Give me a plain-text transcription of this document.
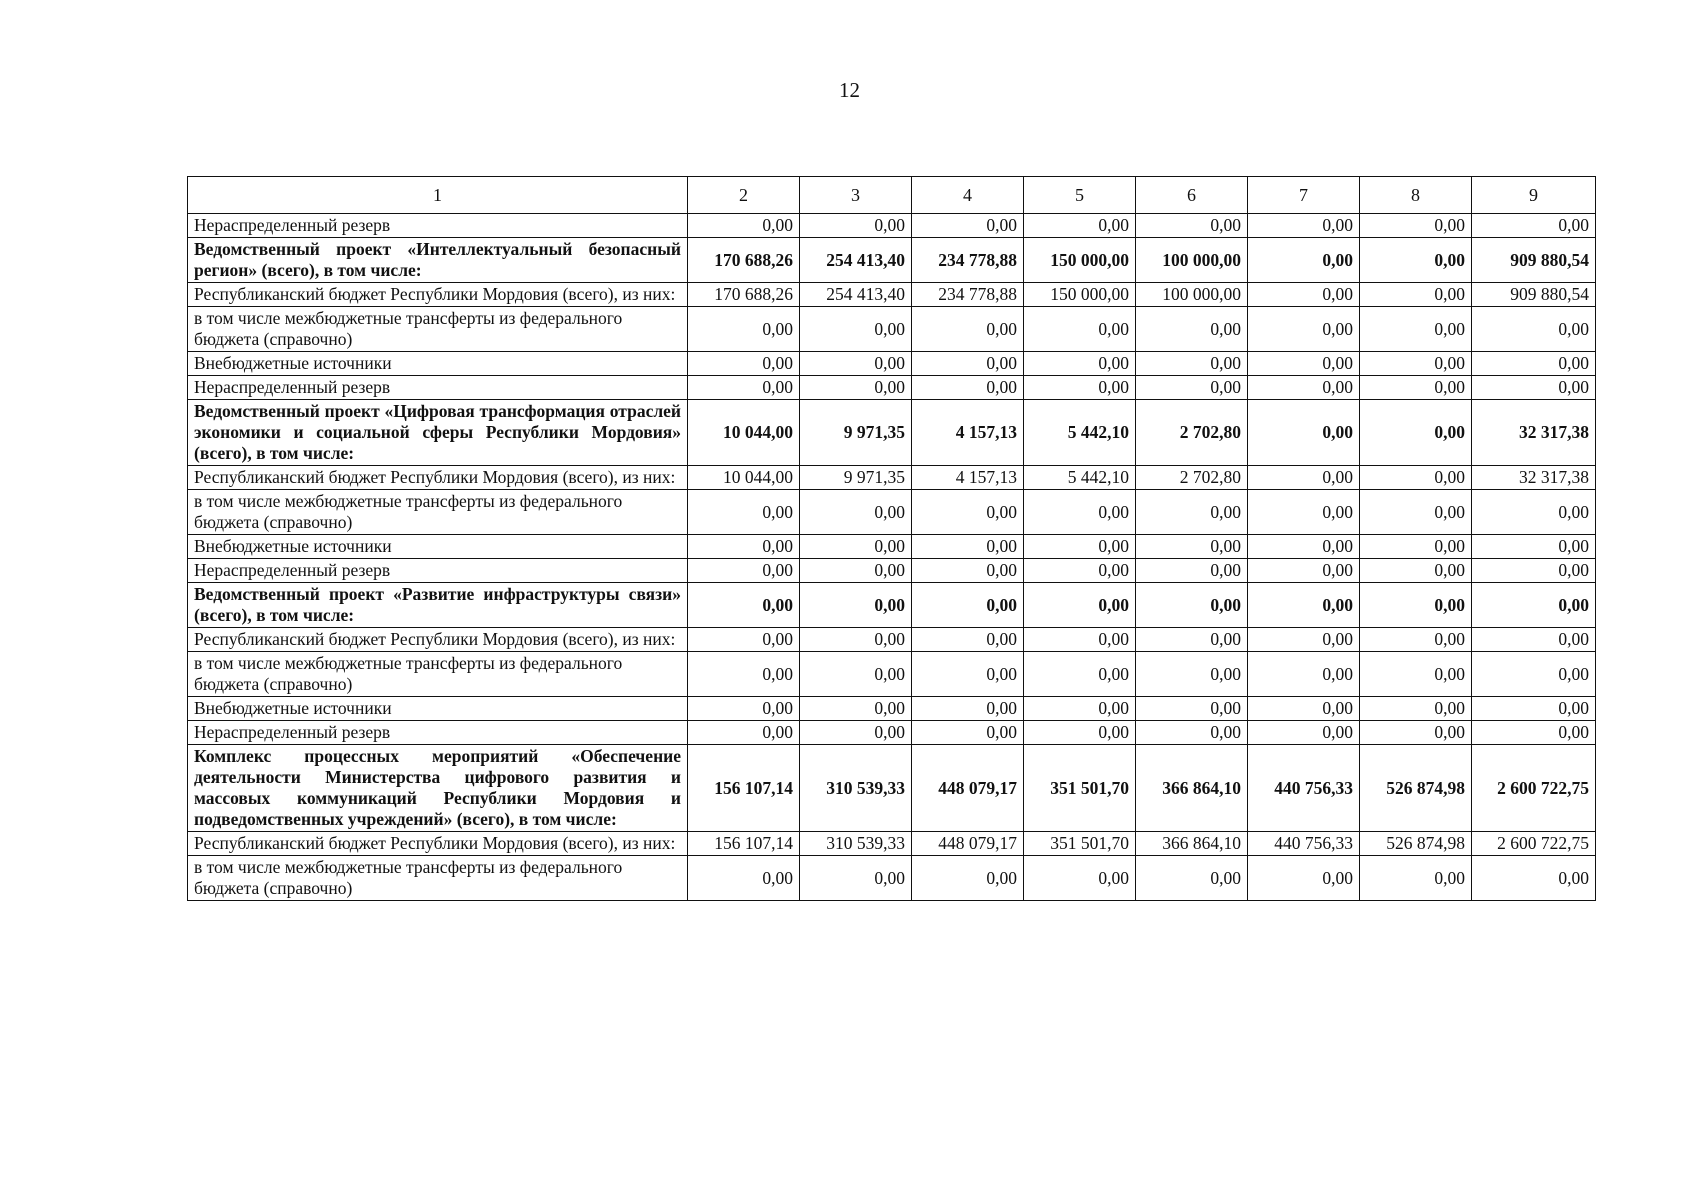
12
1	2	3	4	5	6	7	8	9
Нераспределенный резерв	0,00	0,00	0,00	0,00	0,00	0,00	0,00	0,00
Ведомственный проект «Интеллектуальный безопасный регион» (всего), в том числе:	170 688,26	254 413,40	234 778,88	150 000,00	100 000,00	0,00	0,00	909 880,54
Республиканский бюджет Республики Мордовия (всего), из них:	170 688,26	254 413,40	234 778,88	150 000,00	100 000,00	0,00	0,00	909 880,54
в том числе межбюджетные трансферты из федерального бюджета (справочно)	0,00	0,00	0,00	0,00	0,00	0,00	0,00	0,00
Внебюджетные источники	0,00	0,00	0,00	0,00	0,00	0,00	0,00	0,00
Нераспределенный резерв	0,00	0,00	0,00	0,00	0,00	0,00	0,00	0,00
Ведомственный проект «Цифровая трансформация отраслей экономики и социальной сферы Республики Мордовия» (всего), в том числе:	10 044,00	9 971,35	4 157,13	5 442,10	2 702,80	0,00	0,00	32 317,38
Республиканский бюджет Республики Мордовия (всего), из них:	10 044,00	9 971,35	4 157,13	5 442,10	2 702,80	0,00	0,00	32 317,38
в том числе межбюджетные трансферты из федерального бюджета (справочно)	0,00	0,00	0,00	0,00	0,00	0,00	0,00	0,00
Внебюджетные источники	0,00	0,00	0,00	0,00	0,00	0,00	0,00	0,00
Нераспределенный резерв	0,00	0,00	0,00	0,00	0,00	0,00	0,00	0,00
Ведомственный проект «Развитие инфраструктуры связи» (всего), в том числе:	0,00	0,00	0,00	0,00	0,00	0,00	0,00	0,00
Республиканский бюджет Республики Мордовия (всего), из них:	0,00	0,00	0,00	0,00	0,00	0,00	0,00	0,00
в том числе межбюджетные трансферты из федерального бюджета (справочно)	0,00	0,00	0,00	0,00	0,00	0,00	0,00	0,00
Внебюджетные источники	0,00	0,00	0,00	0,00	0,00	0,00	0,00	0,00
Нераспределенный резерв	0,00	0,00	0,00	0,00	0,00	0,00	0,00	0,00
Комплекс процессных мероприятий «Обеспечение деятельности Министерства цифрового развития и массовых коммуникаций Республики Мордовия и подведомственных учреждений» (всего), в том числе:	156 107,14	310 539,33	448 079,17	351 501,70	366 864,10	440 756,33	526 874,98	2 600 722,75
Республиканский бюджет Республики Мордовия (всего), из них:	156 107,14	310 539,33	448 079,17	351 501,70	366 864,10	440 756,33	526 874,98	2 600 722,75
в том числе межбюджетные трансферты из федерального бюджета (справочно)	0,00	0,00	0,00	0,00	0,00	0,00	0,00	0,00
